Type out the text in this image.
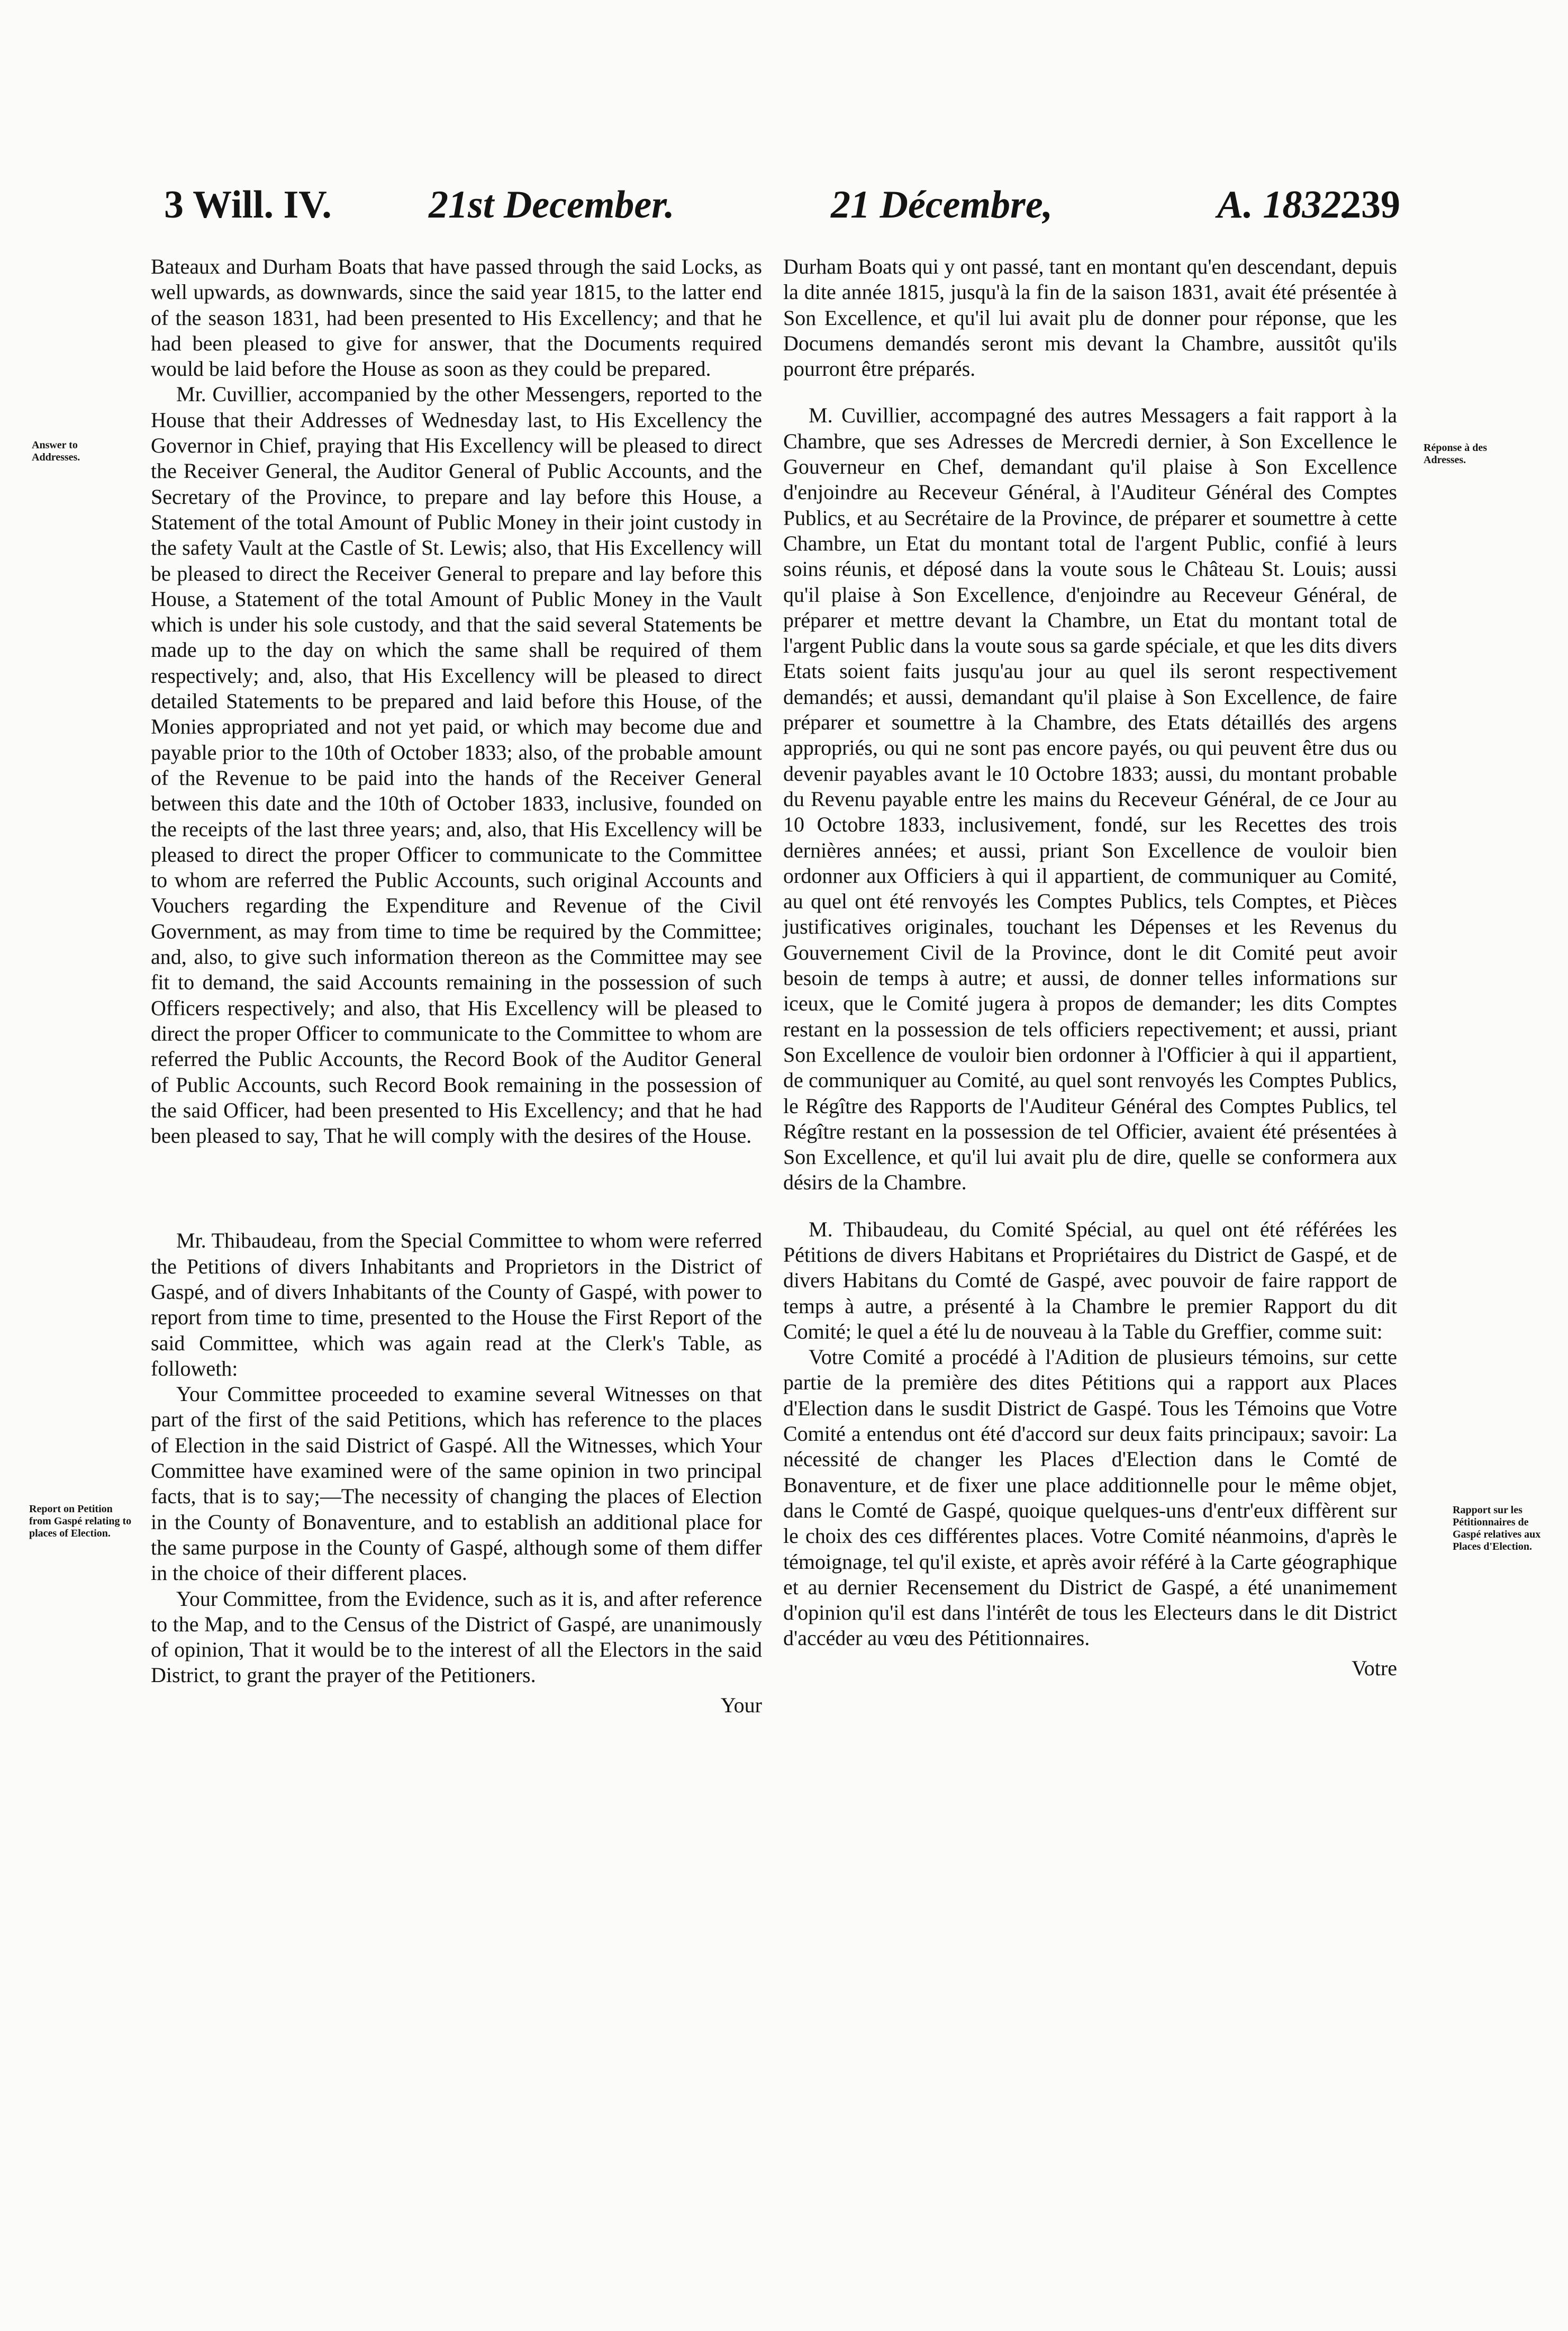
3 Will. IV. 21st December.	21 Décembre,	A. 1832.
239
Answer to Addresses.
Report on Petition from Gaspé relating to places of Election.
Réponse à des Adresses.
Rapport sur les Pétitionnaires de Gaspé relatives aux Places d'Election.

Bateaux and Durham Boats that have passed through the said Locks, as well upwards, as downwards, since the said year 1815, to the latter end of the season 1831, had been presented to His Excellency; and that he had been pleased to give for answer, that the Documents required would be laid before the House as soon as they could be prepared.

Mr. Cuvillier, accompanied by the other Messengers, reported to the House that their Addresses of Wednesday last, to His Excellency the Governor in Chief, praying that His Excellency will be pleased to direct the Receiver General, the Auditor General of Public Accounts, and the Secretary of the Province, to prepare and lay before this House, a Statement of the total Amount of Public Money in their joint custody in the safety Vault at the Castle of St. Lewis; also, that His Excellency will be pleased to direct the Receiver General to prepare and lay before this House, a Statement of the total Amount of Public Money in the Vault which is under his sole custody, and that the said several Statements be made up to the day on which the same shall be required of them respectively; and, also, that His Excellency will be pleased to direct detailed Statements to be prepared and laid before this House, of the Monies appropriated and not yet paid, or which may become due and payable prior to the 10th of October 1833; also, of the probable amount of the Revenue to be paid into the hands of the Receiver General between this date and the 10th of October 1833, inclusive, founded on the receipts of the last three years; and, also, that His Excellency will be pleased to direct the proper Officer to communicate to the Committee to whom are referred the Public Accounts, such original Accounts and Vouchers regarding the Expenditure and Revenue of the Civil Government, as may from time to time be required by the Committee; and, also, to give such information thereon as the Committee may see fit to demand, the said Accounts remaining in the possession of such Officers respectively; and also, that His Excellency will be pleased to direct the proper Officer to communicate to the Committee to whom are referred the Public Accounts, the Record Book of the Auditor General of Public Accounts, such Record Book remaining in the possession of the said Officer, had been presented to His Excellency; and that he had been pleased to say, That he will comply with the desires of the House.

Mr. Thibaudeau, from the Special Committee to whom were referred the Petitions of divers Inhabitants and Proprietors in the District of Gaspé, and of divers Inhabitants of the County of Gaspé, with power to report from time to time, presented to the House the First Report of the said Committee, which was again read at the Clerk's Table, as followeth:

Your Committee proceeded to examine several Witnesses on that part of the first of the said Petitions, which has reference to the places of Election in the said District of Gaspé. All the Witnesses, which Your Committee have examined were of the same opinion in two principal facts, that is to say;—The necessity of changing the places of Election in the County of Bonaventure, and to establish an additional place for the same purpose in the County of Gaspé, although some of them differ in the choice of their different places.

Your Committee, from the Evidence, such as it is, and after reference to the Map, and to the Census of the District of Gaspé, are unanimously of opinion, That it would be to the interest of all the Electors in the said District, to grant the prayer of the Petitioners.

Your

Durham Boats qui y ont passé, tant en montant qu'en descendant, depuis la dite année 1815, jusqu'à la fin de la saison 1831, avait été présentée à Son Excellence, et qu'il lui avait plu de donner pour réponse, que les Documens demandés seront mis devant la Chambre, aussitôt qu'ils pourront être préparés.

M. Cuvillier, accompagné des autres Messagers a fait rapport à la Chambre, que ses Adresses de Mercredi dernier, à Son Excellence le Gouverneur en Chef, demandant qu'il plaise à Son Excellence d'enjoindre au Receveur Général, à l'Auditeur Général des Comptes Publics, et au Secrétaire de la Province, de préparer et soumettre à cette Chambre, un Etat du montant total de l'argent Public, confié à leurs soins réunis, et déposé dans la voute sous le Château St. Louis; aussi qu'il plaise à Son Excellence, d'enjoindre au Receveur Général, de préparer et mettre devant la Chambre, un Etat du montant total de l'argent Public dans la voute sous sa garde spéciale, et que les dits divers Etats soient faits jusqu'au jour au quel ils seront respectivement demandés; et aussi, demandant qu'il plaise à Son Excellence, de faire préparer et soumettre à la Chambre, des Etats détaillés des argens appropriés, ou qui ne sont pas encore payés, ou qui peuvent être dus ou devenir payables avant le 10 Octobre 1833; aussi, du montant probable du Revenu payable entre les mains du Receveur Général, de ce Jour au 10 Octobre 1833, inclusivement, fondé, sur les Recettes des trois dernières années; et aussi, priant Son Excellence de vouloir bien ordonner aux Officiers à qui il appartient, de communiquer au Comité, au quel ont été renvoyés les Comptes Publics, tels Comptes, et Pièces justificatives originales, touchant les Dépenses et les Revenus du Gouvernement Civil de la Province, dont le dit Comité peut avoir besoin de temps à autre; et aussi, de donner telles informations sur iceux, que le Comité jugera à propos de demander; les dits Comptes restant en la possession de tels officiers repectivement; et aussi, priant Son Excellence de vouloir bien ordonner à l'Officier à qui il appartient, de communiquer au Comité, au quel sont renvoyés les Comptes Publics, le Régître des Rapports de l'Auditeur Général des Comptes Publics, tel Régître restant en la possession de tel Officier, avaient été présentées à Son Excellence, et qu'il lui avait plu de dire, quelle se conformera aux désirs de la Chambre.

M. Thibaudeau, du Comité Spécial, au quel ont été référées les Pétitions de divers Habitans et Propriétaires du District de Gaspé, et de divers Habitans du Comté de Gaspé, avec pouvoir de faire rapport de temps à autre, a présenté à la Chambre le premier Rapport du dit Comité; le quel a été lu de nouveau à la Table du Greffier, comme suit:

Votre Comité a procédé à l'Adition de plusieurs témoins, sur cette partie de la première des dites Pétitions qui a rapport aux Places d'Election dans le susdit District de Gaspé. Tous les Témoins que Votre Comité a entendus ont été d'accord sur deux faits principaux; savoir: La nécessité de changer les Places d'Election dans le Comté de Bonaventure, et de fixer une place additionnelle pour le même objet, dans le Comté de Gaspé, quoique quelques-uns d'entr'eux diffèrent sur le choix des ces différentes places. Votre Comité néanmoins, d'après le témoignage, tel qu'il existe, et après avoir référé à la Carte géographique et au dernier Recensement du District de Gaspé, a été unanimement d'opinion qu'il est dans l'intérêt de tous les Electeurs dans le dit District d'accéder au vœu des Pétitionnaires.

Votre
